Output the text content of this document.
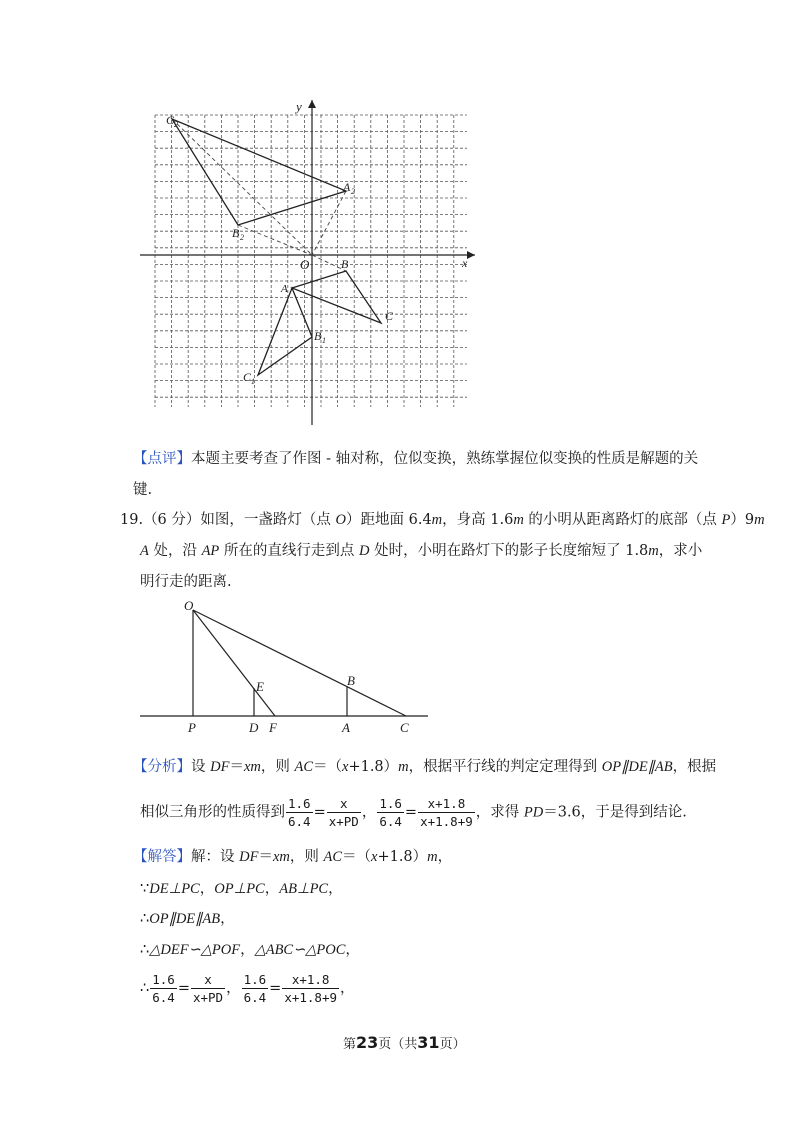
y
x
O
C 2
A 2
B 2
B
A
C
B 1
C 1
【点评】本题主要考查了作图 - 轴对称，位似变换，熟练掌握位似变换的性质是解题的关
键.
19.（6 分）如图，一盏路灯（点 O）距地面 6.4m，身高 1.6m 的小明从距离路灯的底部（点 P）9m
A 处，沿 AP 所在的直线行走到点 D 处时，小明在路灯下的影子长度缩短了 1.8m，求小
明行走的距离.
O
E	B
P	D F	A	C
【分析】设 DF＝xm，则 AC＝（x+1.8）m，根据平行线的判定定理得到 OP∥DE∥AB，根据
相似三角形的性质得到 $\frac{1.6}{6.4} = \frac{x}{x+PD}$ ， $\frac{1.6}{6.4} = \frac{x+1.8}{x+1.8+9}$ ，求得 PD＝3.6，于是得到结论.
【解答】解：设 DF＝xm，则 AC＝（x+1.8）m，
∵DE⊥PC，OP⊥PC，AB⊥PC，
∴OP∥DE∥AB，
∴△DEF∽△POF，△ABC∽△POC，
∴ $\frac{1.6}{6.4} = \frac{x}{x+PD}$ ， $\frac{1.6}{6.4} = \frac{x+1.8}{x+1.8+9}$ ，
第23页（共31页）
